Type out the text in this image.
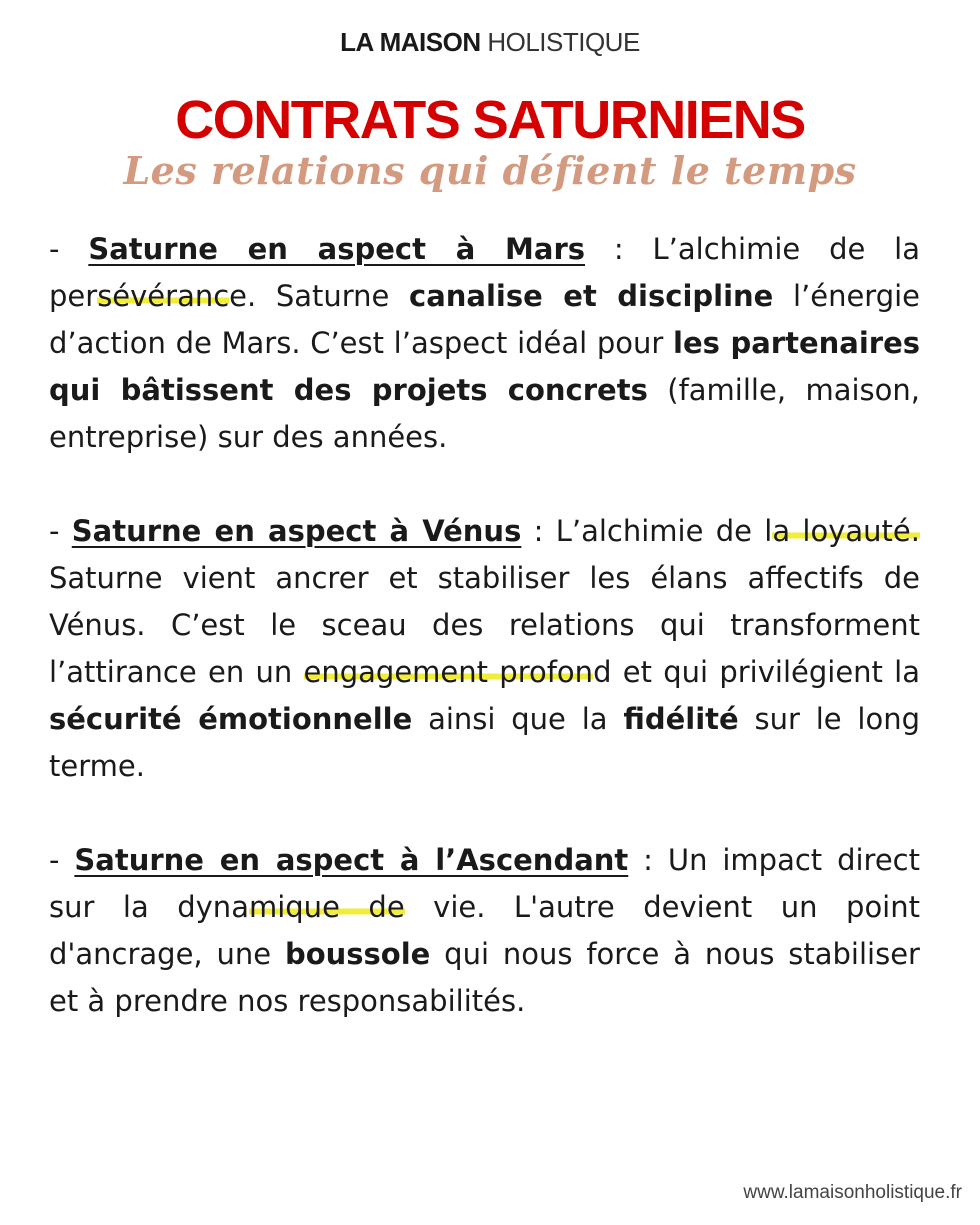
LA MAISON HOLISTIQUE
CONTRATS SATURNIENS
Les relations qui défient le temps

- Saturne en aspect à Mars : L’alchimie de la persévérance. Saturne canalise et discipline l’énergie d’action de Mars. C’est l’aspect idéal pour les partenaires qui bâtissent des projets concrets (famille, maison, entreprise) sur des années.

- Saturne en aspect à Vénus : L’alchimie de la loyauté. Saturne vient ancrer et stabiliser les élans affectifs de Vénus. C’est le sceau des relations qui transforment l’attirance en un engagement profond et qui privilégient la sécurité émotionnelle ainsi que la fidélité sur le long terme.

- Saturne en aspect à l’Ascendant : Un impact direct sur la dynamique de vie. L'autre devient un point d'ancrage, une boussole qui nous force à nous stabiliser et à prendre nos responsabilités.

www.lamaisonholistique.fr
